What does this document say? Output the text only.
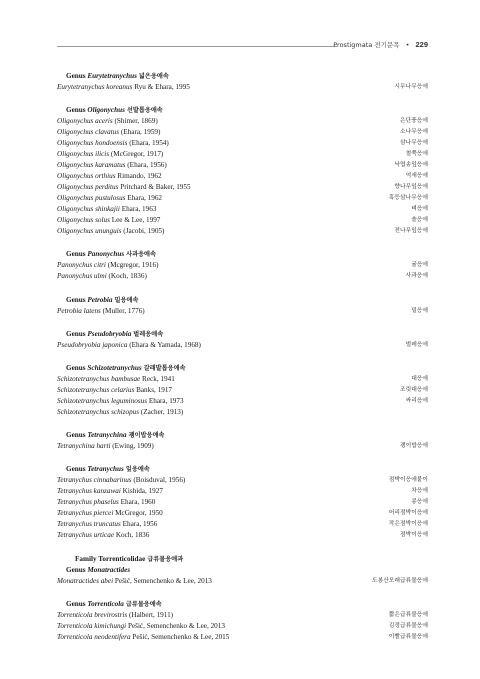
Prostigmata 전기문목 • 229
Genus Eurytetranychus 넓은응애속
Eurytetranychus koreanus Ryu & Ehara, 1995	시무나무응애
Genus Oligonychus 선발톱응애속
Oligonychus aceris (Shimer, 1869)	은단풍응애
Oligonychus clavatus (Ehara, 1959)	소나무응애
Oligonychus hondoensis (Ehara, 1954)	삼나무응애
Oligonychus ilicis (McGregor, 1917)	철쭉응애
Oligonychus karamatus (Ehara, 1956)	낙엽송잎응애
Oligonychus orthius Rimando, 1962	억새응애
Oligonychus perditus Pritchard & Baker, 1955	향나무잎응애
Oligonychus pustulosus Ehara, 1962	혹등삼나무응애
Oligonychus shinkajii Ehara, 1963	벼응애
Oligonychus solus Lee & Lee, 1997	솔응애
Oligonychus ununguis (Jacobi, 1905)	전나무잎응애
Genus Panonychus 사과응애속
Panonychus citri (Mcgregor, 1916)	귤응애
Panonychus ulmi (Koch, 1836)	사과응애
Genus Petrobia 밀응애속
Petrobia latens (Muller, 1776)	밀응애
Genus Pseudobryobia 벌레응애속
Pseudobryobia japonica (Ehara & Yamada, 1968)	벌레응애
Genus Schizotetranychus 갈래발톱응애속
Schizotetranychus bambusae Reck, 1941	대응애
Schizotetranychus celarius Banks, 1917	조릿대응애
Schizotetranychus leguminosus Ehara, 1973	싸리응애
Schizotetranychus schizopus (Zacher, 1913)
Genus Tetranychina 괭이밥응애속
Tetranychina harti (Ewing, 1909)	괭이밥응애
Genus Tetranychus 잎응애속
Tetranychus cinnabarinus (Boisduval, 1956)	점박이응애붙이
Tetranychus kanzawai Kishida, 1927	차응애
Tetranychus phaselus Ehara, 1960	콩응애
Tetranychus piercei McGregor, 1950	어리점박이응애
Tetranychus truncatus Ehara, 1956	작은점박이응애
Tetranychus urticae Koch, 1836	점박이응애
Family Torrenticolidae 급류물응애과
Genus Monatractides
Monatractides abei Pešić, Semenchenko & Lee, 2013	도봉산모래급류물응애
Genus Torrenticola 급류물응애속
Torrenticola brevirostris (Halbert, 1911)	짧은급류물응애
Torrenticola kimichungi Pešić, Semenchenko & Lee, 2013	김정급류물응애
Torrenticola neodentifera Pešić, Semenchenko & Lee, 2015	이빨급류물응애
